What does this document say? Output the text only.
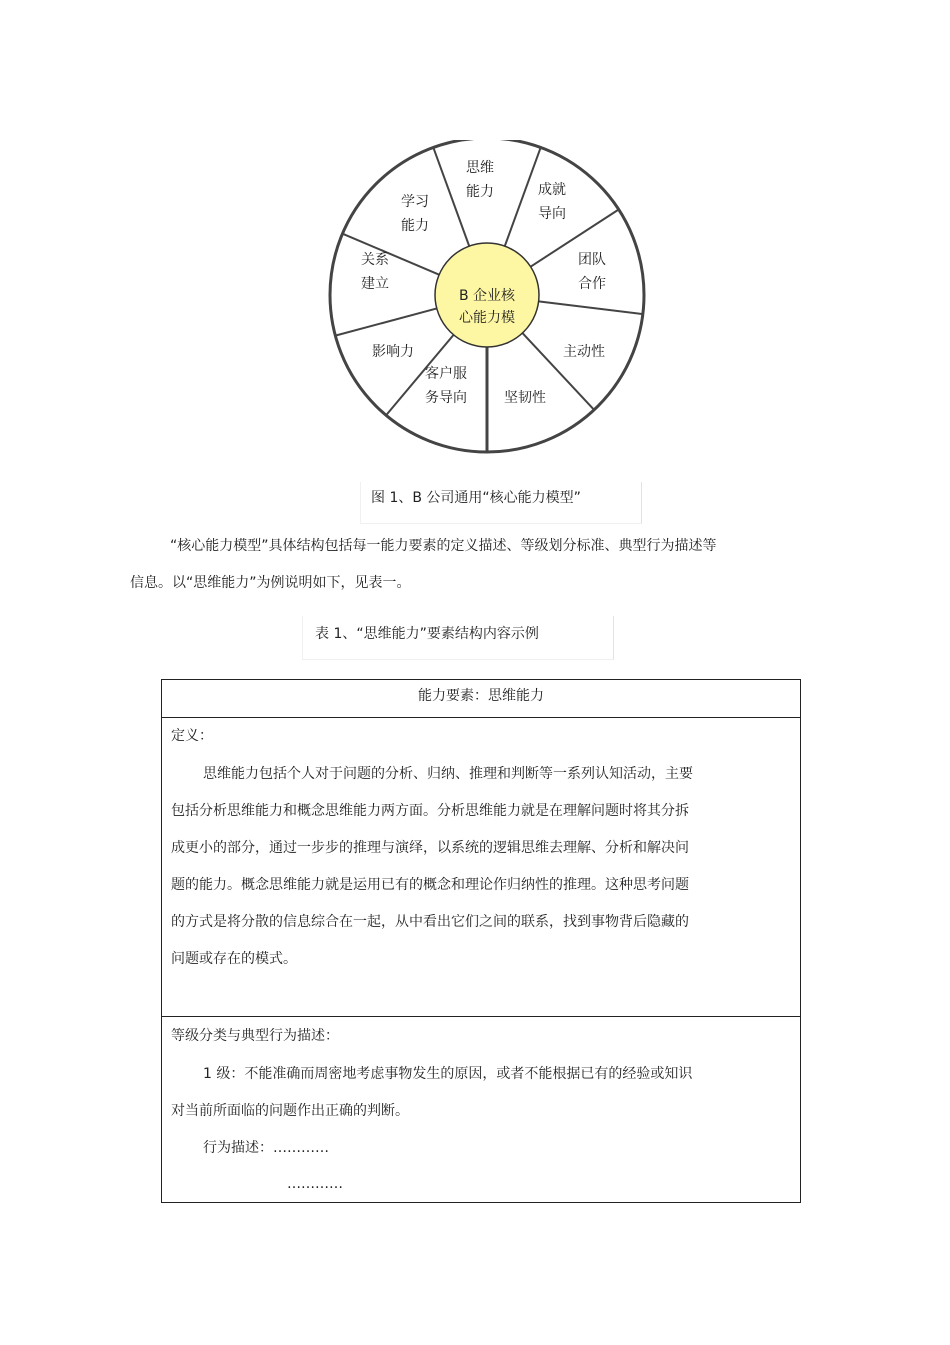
思维
能力	成就
导向
团队
合作
主动性
坚韧性
客户服
务导向
影响力
关系
建立
学习
能力
B 企业核
心能力模
图 1、B 公司通用“核心能力模型”
“核心能力模型”具体结构包括每一能力要素的定义描述、等级划分标准、典型行为描述等
信息。以“思维能力”为例说明如下，见表一。
表 1、“思维能力”要素结构内容示例
能力要素：思维能力
定义：
思维能力包括个人对于问题的分析、归纳、推理和判断等一系列认知活动，主要
包括分析思维能力和概念思维能力两方面。分析思维能力就是在理解问题时将其分拆
成更小的部分，通过一步步的推理与演绎，以系统的逻辑思维去理解、分析和解决问
题的能力。概念思维能力就是运用已有的概念和理论作归纳性的推理。这种思考问题
的方式是将分散的信息综合在一起，从中看出它们之间的联系，找到事物背后隐藏的
问题或存在的模式。
等级分类与典型行为描述：
1 级：不能准确而周密地考虑事物发生的原因，或者不能根据已有的经验或知识
对当前所面临的问题作出正确的判断。
行为描述：…………
…………
